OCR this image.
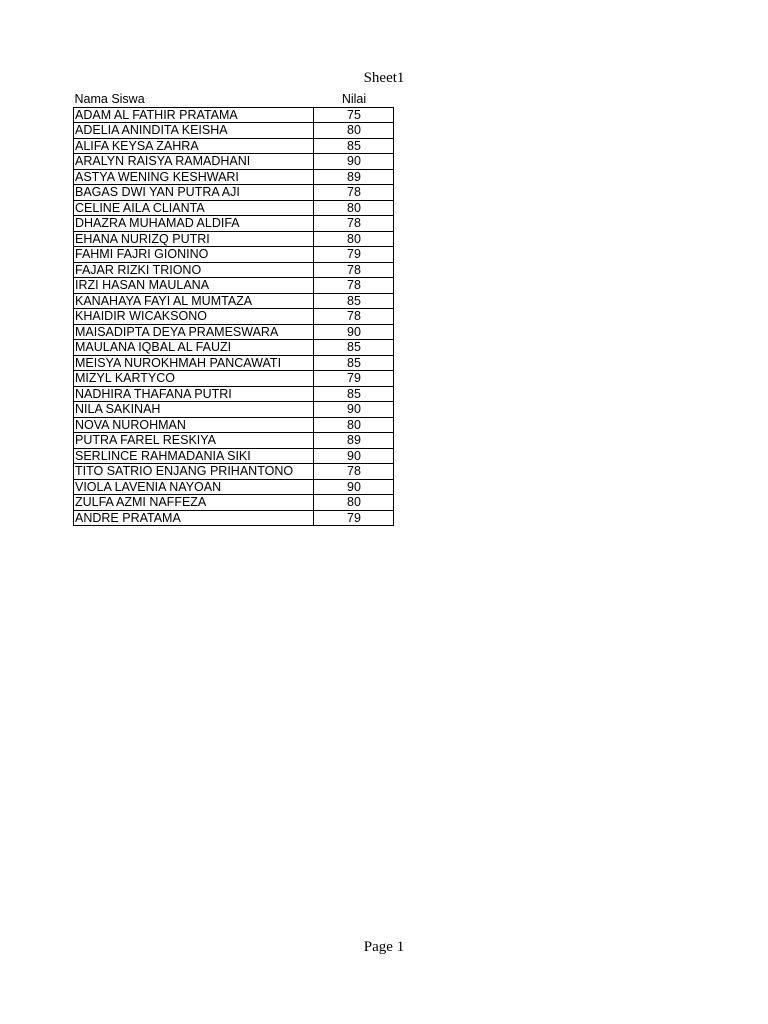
Sheet1
Nama Siswa	Nilai
ADAM AL FATHIR PRATAMA	75
ADELIA ANINDITA KEISHA	80
ALIFA KEYSA ZAHRA	85
ARALYN RAISYA RAMADHANI	90
ASTYA WENING KESHWARI	89
BAGAS DWI YAN PUTRA AJI	78
CELINE AILA CLIANTA	80
DHAZRA MUHAMAD ALDIFA	78
EHANA NURIZQ PUTRI	80
FAHMI FAJRI GIONINO	79
FAJAR RIZKI TRIONO	78
IRZI HASAN MAULANA	78
KANAHAYA FAYI AL MUMTAZA	85
KHAIDIR WICAKSONO	78
MAISADIPTA DEYA PRAMESWARA	90
MAULANA IQBAL AL FAUZI	85
MEISYA NUROKHMAH PANCAWATI	85
MIZYL KARTYCO	79
NADHIRA THAFANA PUTRI	85
NILA SAKINAH	90
NOVA NUROHMAN	80
PUTRA FAREL RESKIYA	89
SERLINCE RAHMADANIA SIKI	90
TITO SATRIO ENJANG PRIHANTONO	78
VIOLA LAVENIA NAYOAN	90
ZULFA AZMI NAFFEZA	80
ANDRE PRATAMA	79
Page 1
